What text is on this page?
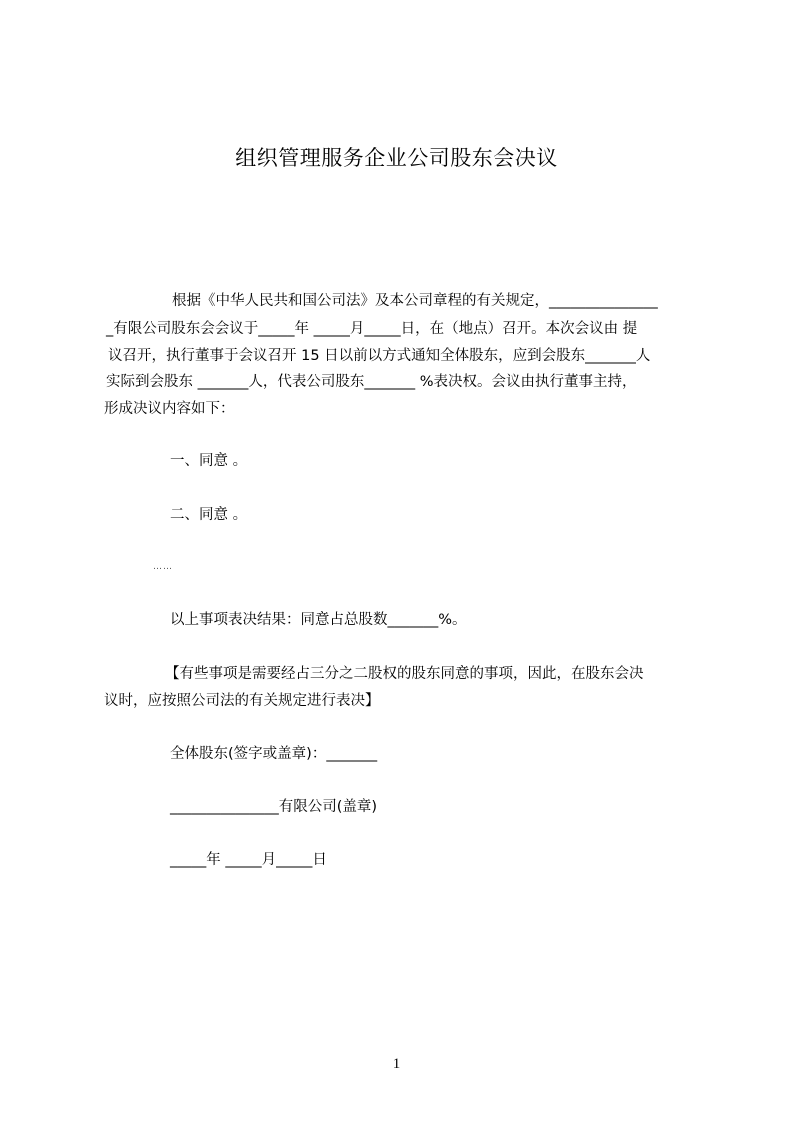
组织管理服务企业公司股东会决议
根据《中华人民共和国公司法》及本公司章程的有关规定，_______________
_有限公司股东会会议于_____年 _____月_____日，在（地点）召开。本次会议由 提
议召开，执行董事于会议召开 15 日以前以方式通知全体股东，应到会股东_______人
实际到会股东 _______人，代表公司股东_______ %表决权。会议由执行董事主持，
形成决议内容如下：
一、同意 。
二、同意 。
……
以上事项表决结果：同意占总股数_______%。
【有些事项是需要经占三分之二股权的股东同意的事项，因此，在股东会决
议时，应按照公司法的有关规定进行表决】
全体股东(签字或盖章)：_______
_______________有限公司(盖章)
_____年 _____月_____日
1
